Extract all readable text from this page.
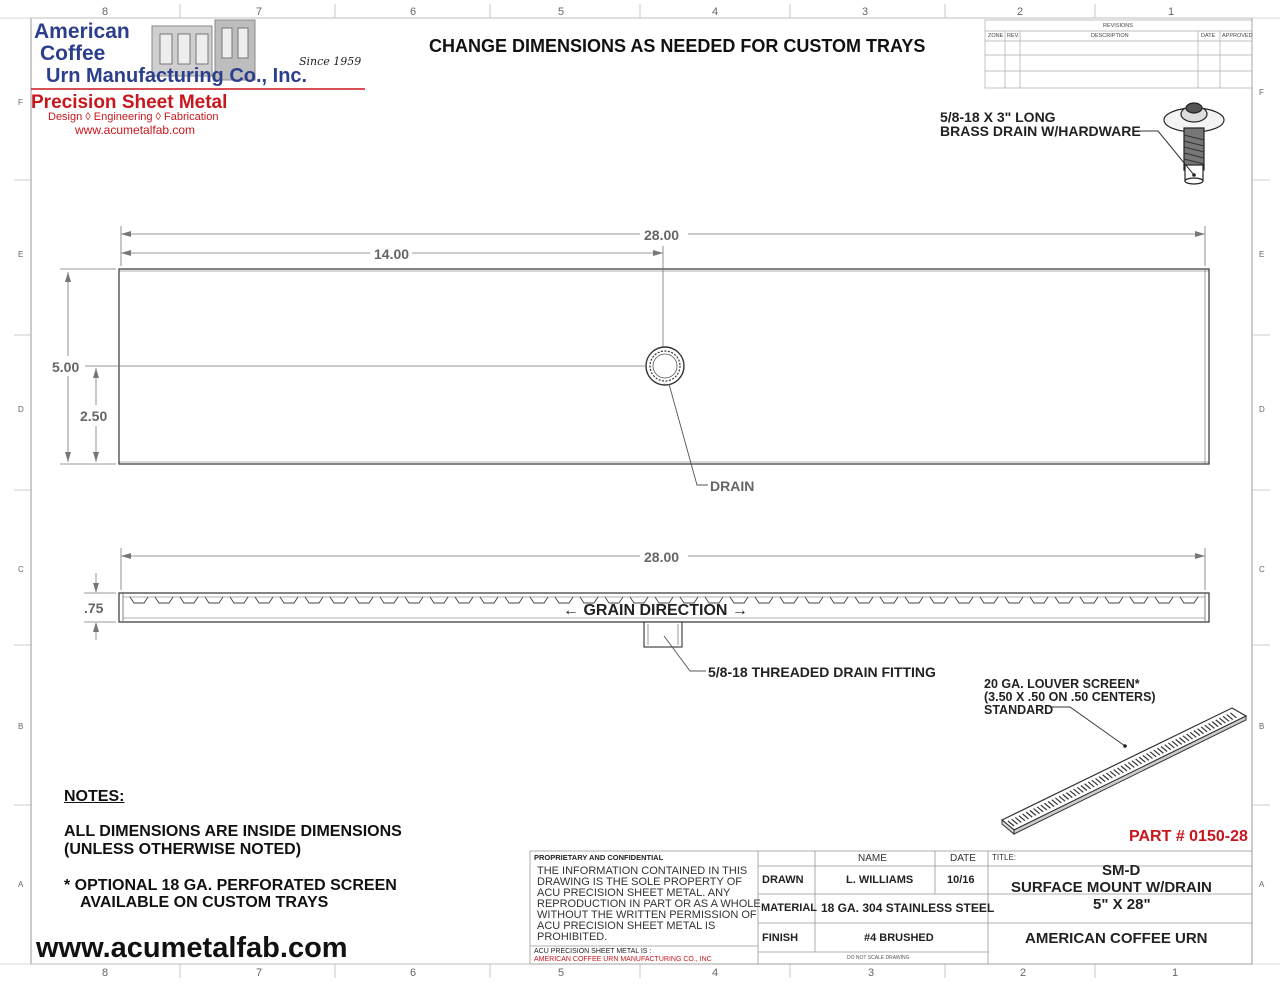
8	7	6	5	4	3	2	1
8	7	6	5	4	3	2	1
F
E
D
C
B
A
F
E
D
C
B
A
American
Coffee
Urn Manufacturing Co., Inc.
Since 1959
Precision Sheet Metal
Design ◊ Engineering ◊ Fabrication
www.acumetalfab.com
CHANGE DIMENSIONS AS NEEDED FOR CUSTOM TRAYS
REVISIONS
ZONE REV.	DESCRIPTION	DATE APPROVED
5/8-18 X 3" LONG
BRASS DRAIN W/HARDWARE
28.00
14.00
5.00
2.50
DRAIN
28.00
.75	← GRAIN DIRECTION →
5/8-18 THREADED DRAIN FITTING
20 GA. LOUVER SCREEN*
(3.50 X .50 ON .50 CENTERS)
STANDARD
PART # 0150-28
NOTES:
ALL DIMENSIONS ARE INSIDE DIMENSIONS
(UNLESS OTHERWISE NOTED)
* OPTIONAL 18 GA. PERFORATED SCREEN
AVAILABLE ON CUSTOM TRAYS
www.acumetalfab.com
PROPRIETARY AND CONFIDENTIAL
THE INFORMATION CONTAINED IN THIS
DRAWING IS THE SOLE PROPERTY OF
ACU PRECISION SHEET METAL. ANY
REPRODUCTION IN PART OR AS A WHOLE
WITHOUT THE WRITTEN PERMISSION OF
ACU PRECISION SHEET METAL IS
PROHIBITED.
ACU PRECISION SHEET METAL IS :
AMERICAN COFFEE URN MANUFACTURING CO., INC
NAME	DATE
DRAWN	L. WILLIAMS	10/16
MATERIAL 18 GA. 304 STAINLESS STEEL
FINISH	#4 BRUSHED
DO NOT SCALE DRAWING
TITLE:
SM-D
SURFACE MOUNT W/DRAIN
5" X 28"
AMERICAN COFFEE URN
